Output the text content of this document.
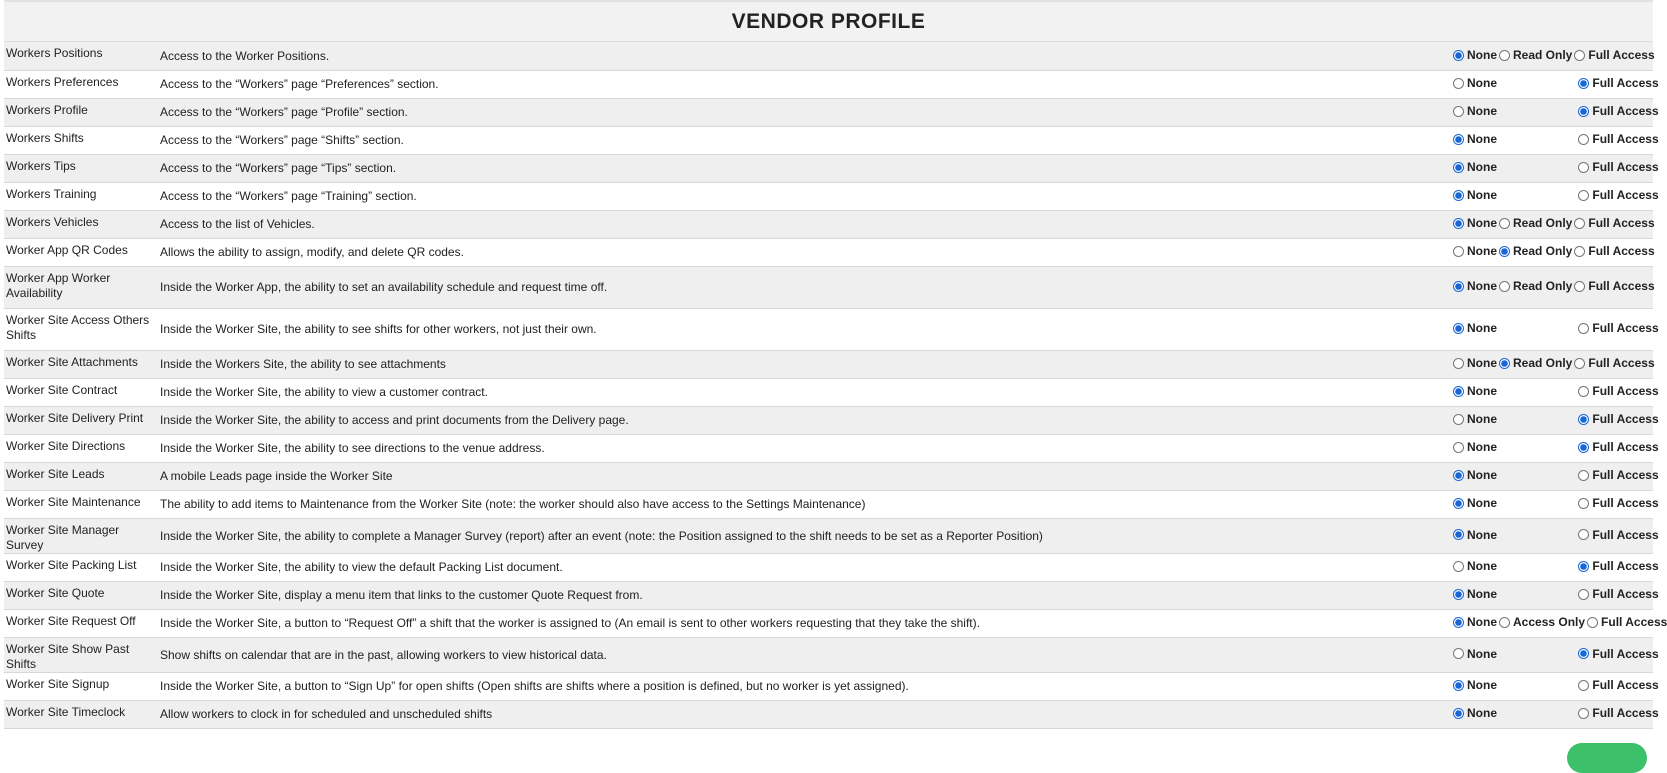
VENDOR PROFILE
Workers Positions	Access to the Worker Positions.	None Read Only Full Access

Workers Preferences	Access to the “Workers” page “Preferences” section.	None Full Access

Workers Profile	Access to the “Workers” page “Profile” section.	None Full Access

Workers Shifts	Access to the “Workers” page “Shifts” section.	None Full Access

Workers Tips	Access to the “Workers” page “Tips” section.	None Full Access

Workers Training	Access to the “Workers” page “Training” section.	None Full Access

Workers Vehicles	Access to the list of Vehicles.	None Read Only Full Access

Worker App QR Codes	Allows the ability to assign, modify, and delete QR codes.	None Read Only Full Access

Worker App Worker Availability	Inside the Worker App, the ability to set an availability schedule and request time off.	None Read Only Full Access

Worker Site Access Others Shifts	Inside the Worker Site, the ability to see shifts for other workers, not just their own.	None Full Access

Worker Site Attachments	Inside the Workers Site, the ability to see attachments	None Read Only Full Access

Worker Site Contract	Inside the Worker Site, the ability to view a customer contract.	None Full Access

Worker Site Delivery Print	Inside the Worker Site, the ability to access and print documents from the Delivery page.	None Full Access

Worker Site Directions	Inside the Worker Site, the ability to see directions to the venue address.	None Full Access

Worker Site Leads	A mobile Leads page inside the Worker Site	None Full Access

Worker Site Maintenance	The ability to add items to Maintenance from the Worker Site (note: the worker should also have access to the Settings Maintenance)	None Full Access

Worker Site Manager Survey	Inside the Worker Site, the ability to complete a Manager Survey (report) after an event (note: the Position assigned to the shift needs to be set as a Reporter Position)	None Full Access

Worker Site Packing List	Inside the Worker Site, the ability to view the default Packing List document.	None Full Access

Worker Site Quote	Inside the Worker Site, display a menu item that links to the customer Quote Request from.	None Full Access

Worker Site Request Off	Inside the Worker Site, a button to “Request Off” a shift that the worker is assigned to (An email is sent to other workers requesting that they take the shift).	None Access Only Full Access

Worker Site Show Past Shifts	Show shifts on calendar that are in the past, allowing workers to view historical data.	None Full Access

Worker Site Signup	Inside the Worker Site, a button to “Sign Up” for open shifts (Open shifts are shifts where a position is defined, but no worker is yet assigned).	None Full Access

Worker Site Timeclock	Allow workers to clock in for scheduled and unscheduled shifts	None Full Access
